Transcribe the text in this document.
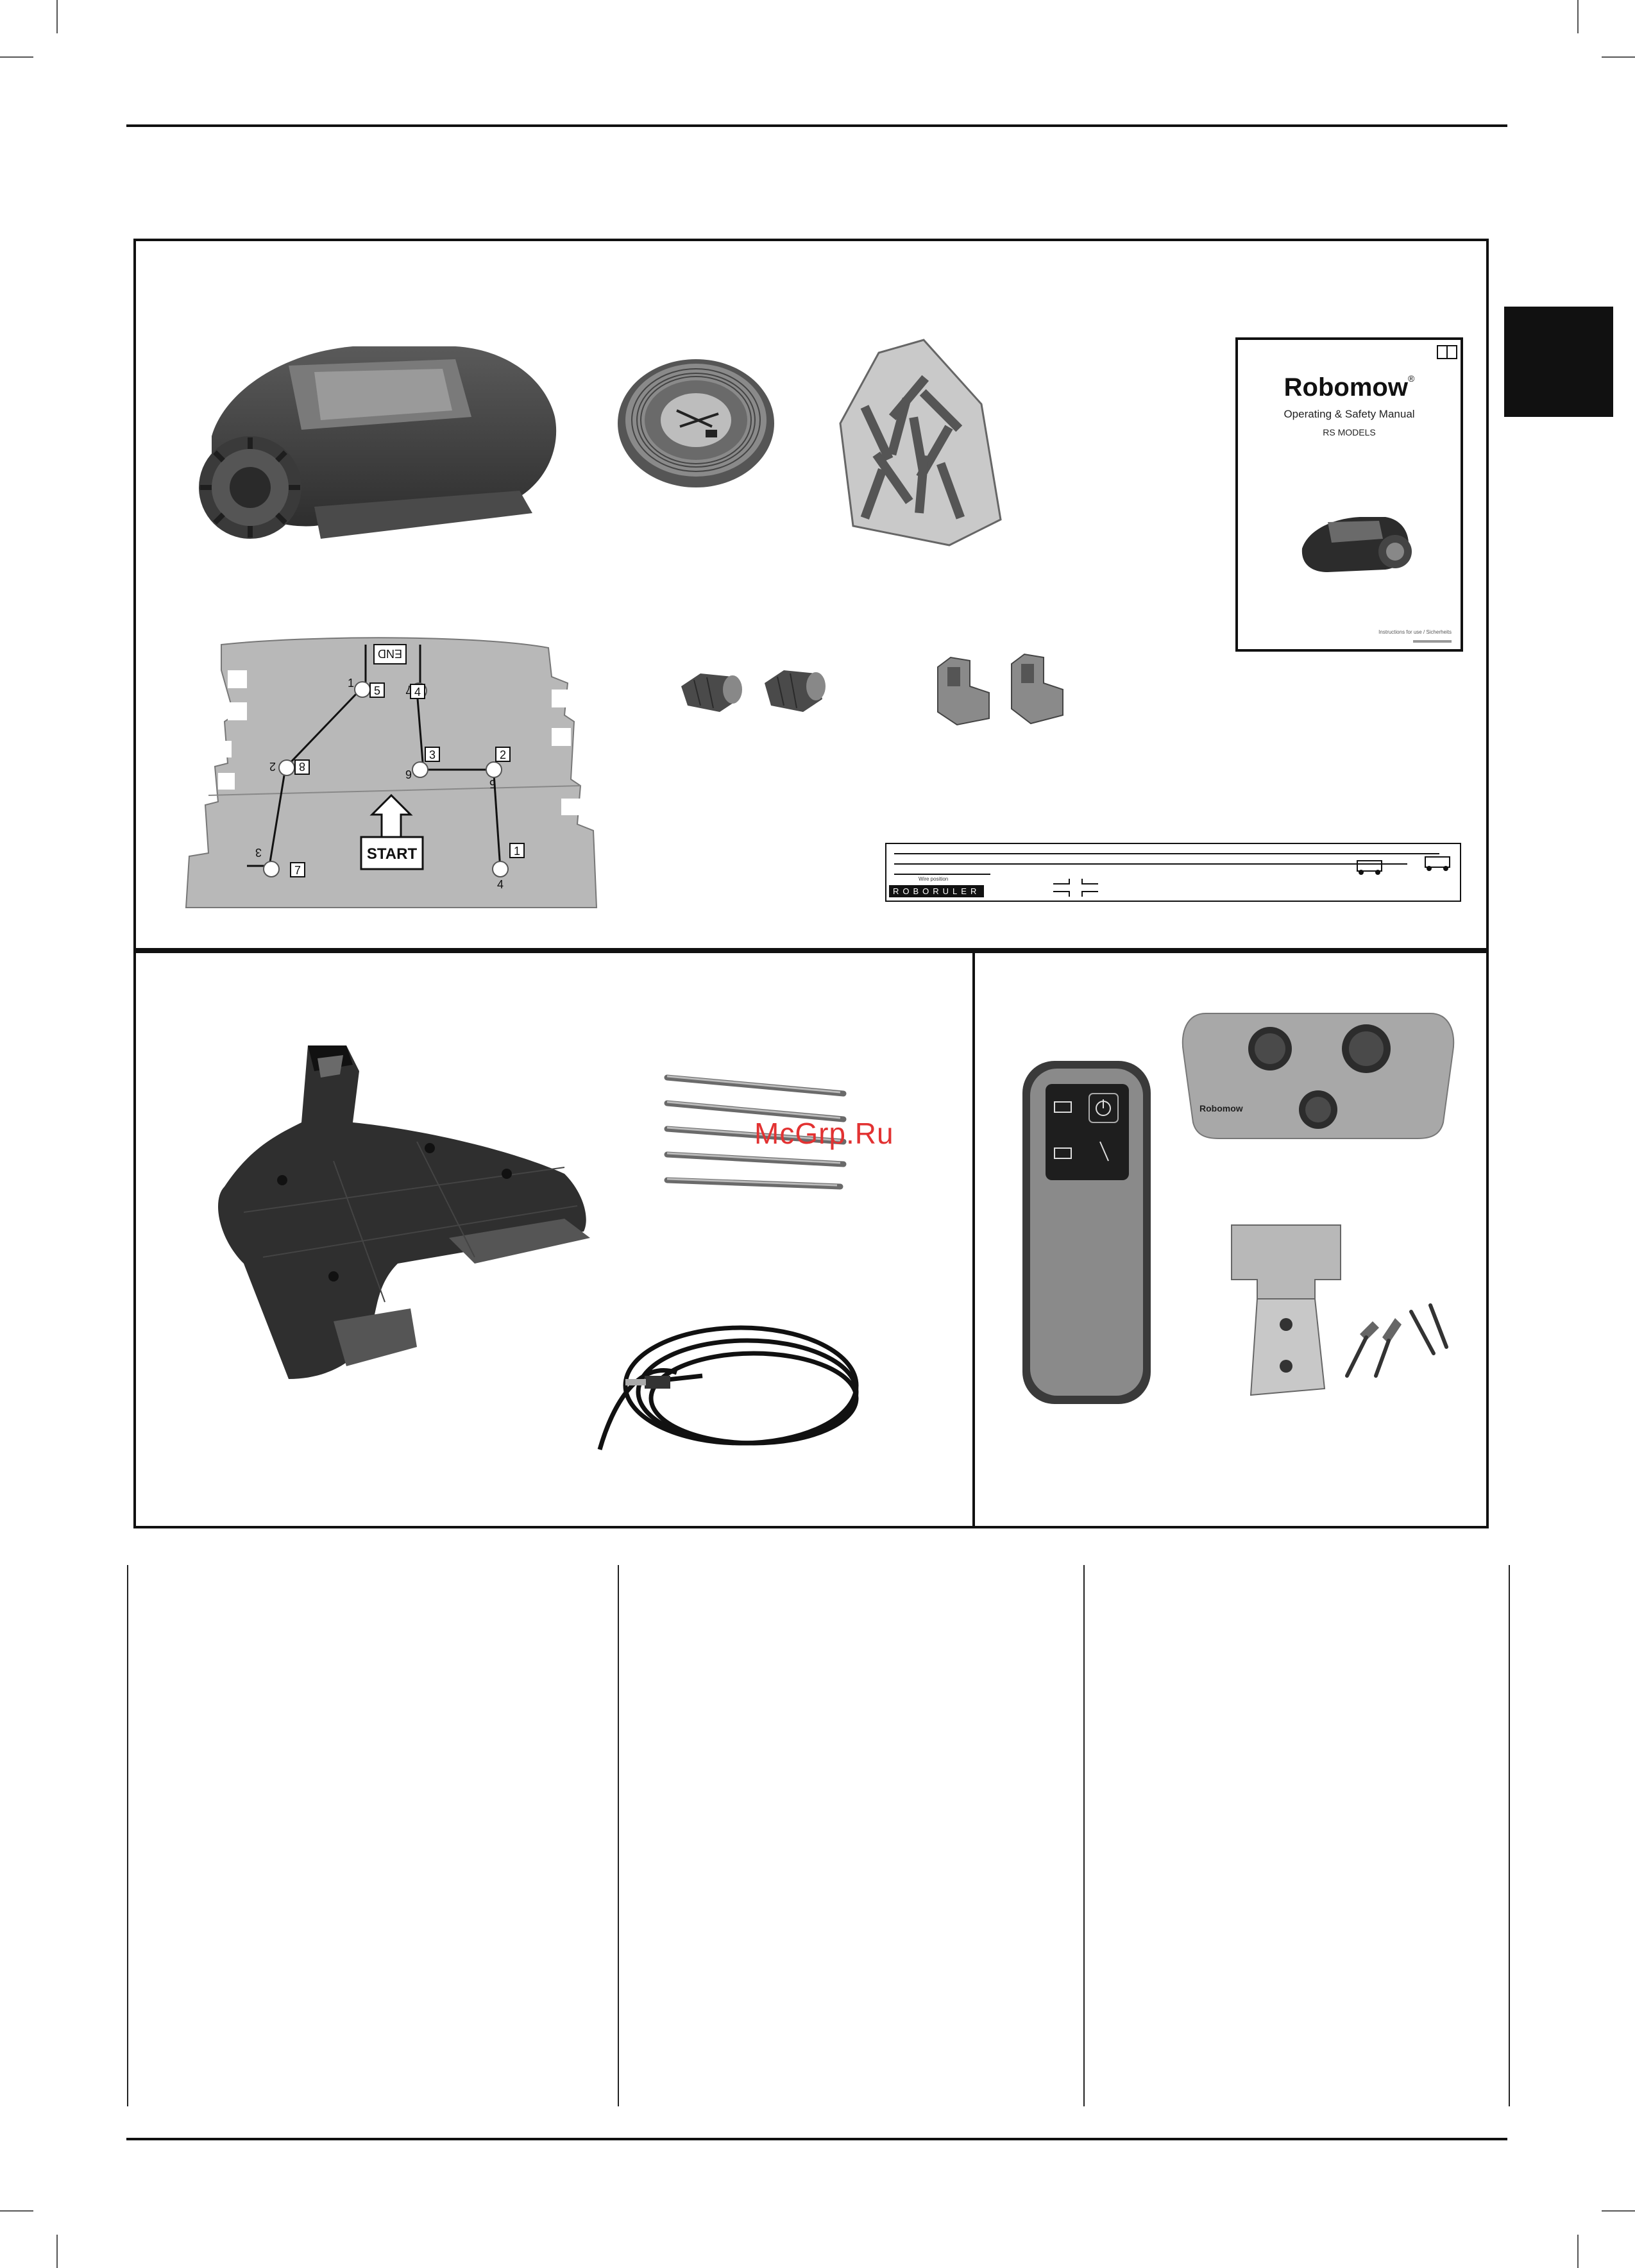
Robomow®
Operating & Safety Manual
RS MODELS
Instructions for use / Sicherheits
END
5	4
8
3	2
7
1
1
2
3
4
5
6
7
START
Wire position
ROBORULER
McGrp.Ru
Robomow
